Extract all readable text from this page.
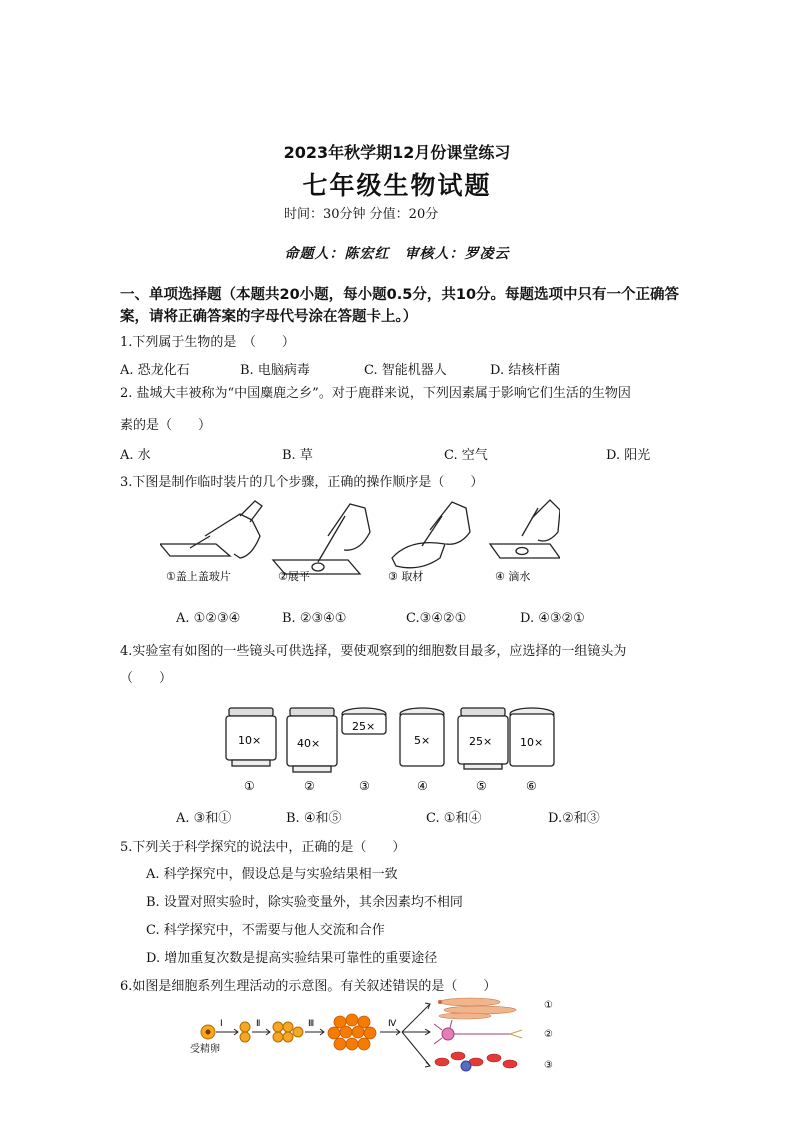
2023年秋学期12月份课堂练习
七年级生物试题
时间：30分钟 分值：20分
命题人：陈宏红　审核人：罗凌云
一、单项选择题（本题共20小题，每小题0.5分，共10分。每题选项中只有一个正确答案，请将正确答案的字母代号涂在答题卡上。）
1.下列属于生物的是　（　　）
A. 恐龙化石	B. 电脑病毒	C. 智能机器人	D. 结核杆菌
2. 盐城大丰被称为“中国麋鹿之乡”。对于鹿群来说，下列因素属于影响它们生活的生物因
素的是（　　）
A. 水	B. 草	C. 空气	D. 阳光
3.下图是制作临时装片的几个步骤，正确的操作顺序是（　　）
①盖上盖玻片	②展平	③ 取材	④ 滴水
A. ①②③④	B. ②③④①	C.③④②①	D. ④③②①
4.实验室有如图的一些镜头可供选择，要使观察到的细胞数目最多，应选择的一组镜头为
（　　）
10×	40×
25×
5×	25×	10×
①	②	③	④	⑤	⑥
A. ③和①	B. ④和⑤	C. ①和④	D.②和③
5.下列关于科学探究的说法中，正确的是（　　）
A. 科学探究中，假设总是与实验结果相一致
B. 设置对照实验时，除实验变量外，其余因素均不相同
C. 科学探究中，不需要与他人交流和合作
D. 增加重复次数是提高实验结果可靠性的重要途径
6.如图是细胞系列生理活动的示意图。有关叙述错误的是（　　）
Ⅰ	Ⅱ	Ⅲ	Ⅳ
①
②
③
受精卵
